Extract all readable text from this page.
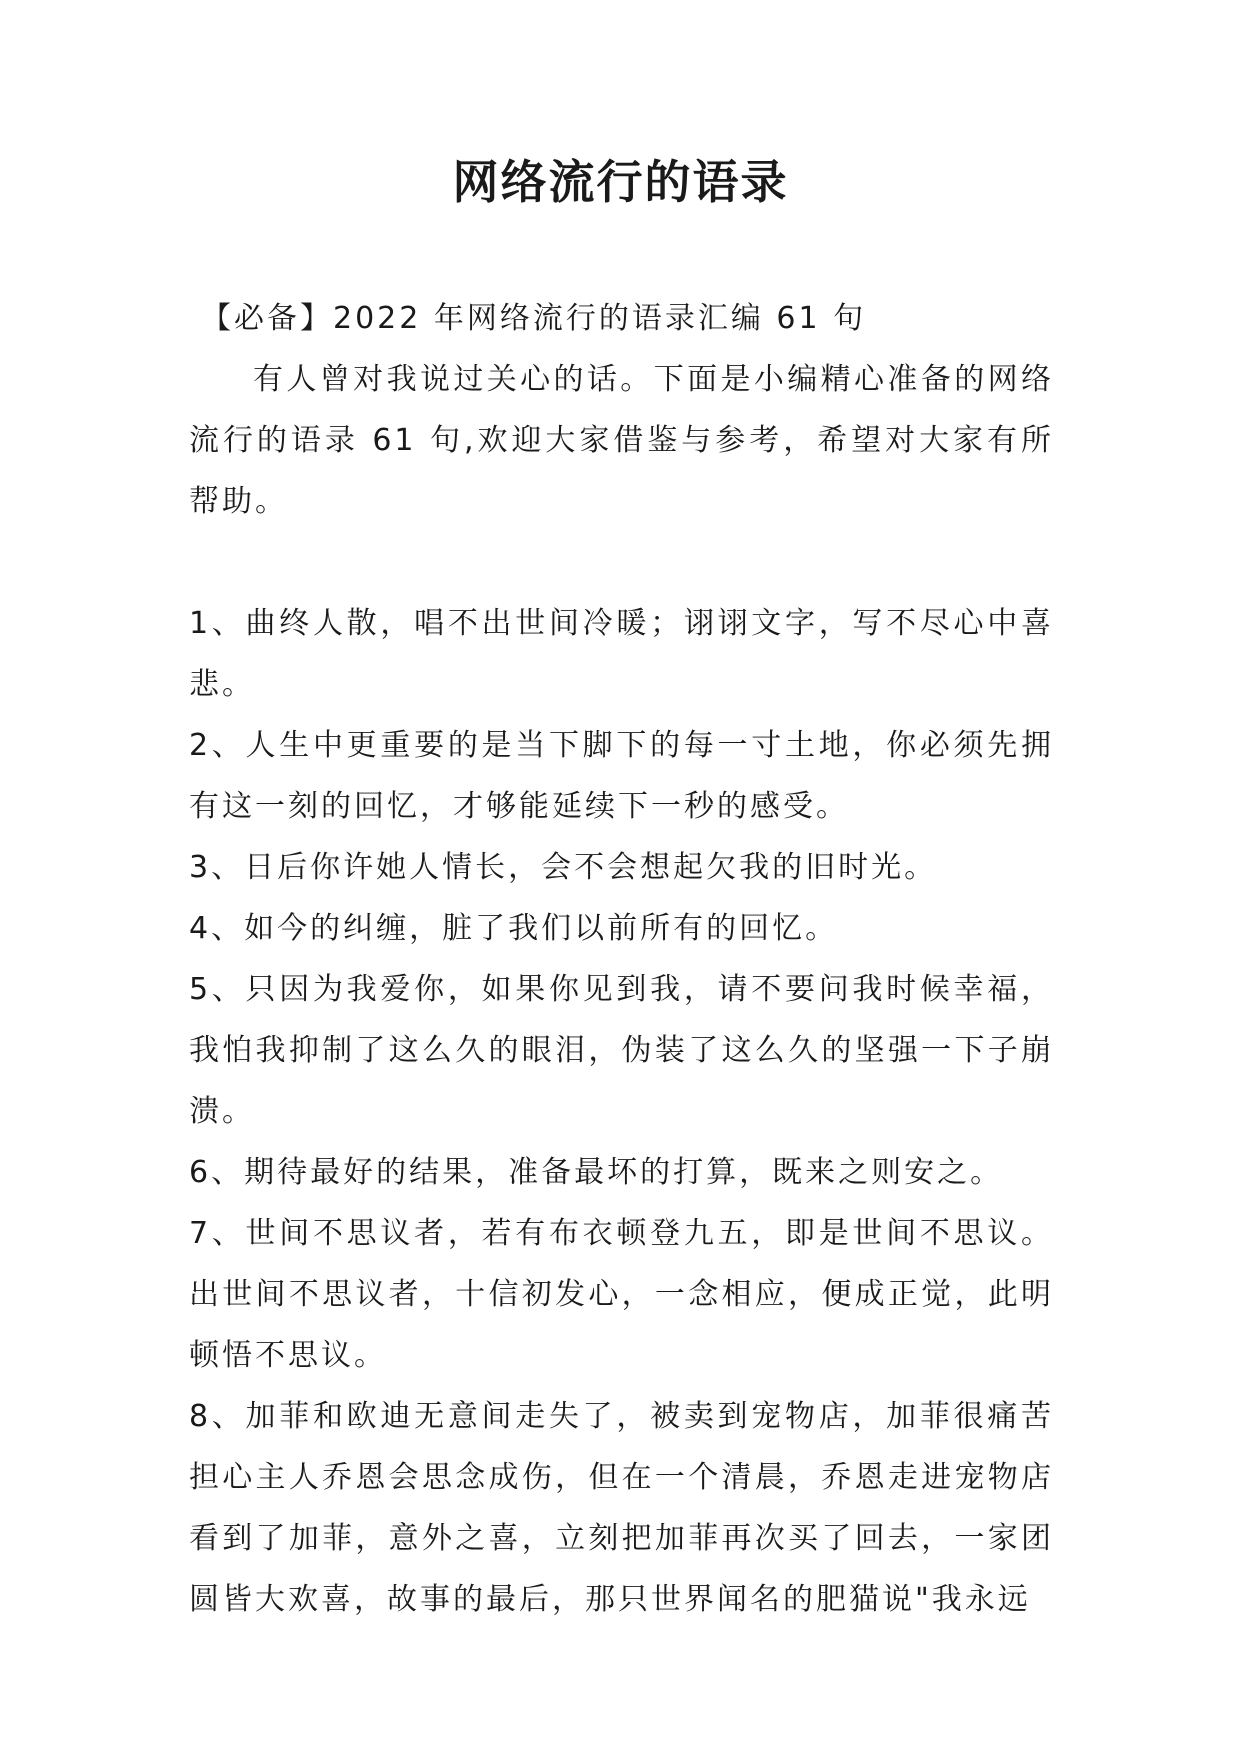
网络流行的语录

【必备】2022 年网络流行的语录汇编 61 句

有人曾对我说过关心的话。下面是小编精心准备的网络流行的语录 61 句,欢迎大家借鉴与参考，希望对大家有所帮助。

1、曲终人散，唱不出世间冷暖；诩诩文字，写不尽心中喜悲。

2、人生中更重要的是当下脚下的每一寸土地，你必须先拥有这一刻的回忆，才够能延续下一秒的感受。

3、日后你许她人情长，会不会想起欠我的旧时光。

4、如今的纠缠，脏了我们以前所有的回忆。

5、只因为我爱你，如果你见到我，请不要问我时候幸福，我怕我抑制了这么久的眼泪，伪装了这么久的坚强一下子崩溃。

6、期待最好的结果，准备最坏的打算，既来之则安之。

7、世间不思议者，若有布衣顿登九五，即是世间不思议。出世间不思议者，十信初发心，一念相应，便成正觉，此明顿悟不思议。

8、加菲和欧迪无意间走失了，被卖到宠物店，加菲很痛苦担心主人乔恩会思念成伤，但在一个清晨，乔恩走进宠物店看到了加菲，意外之喜，立刻把加菲再次买了回去，一家团圆皆大欢喜，故事的最后，那只世界闻名的肥猫说"我永远
